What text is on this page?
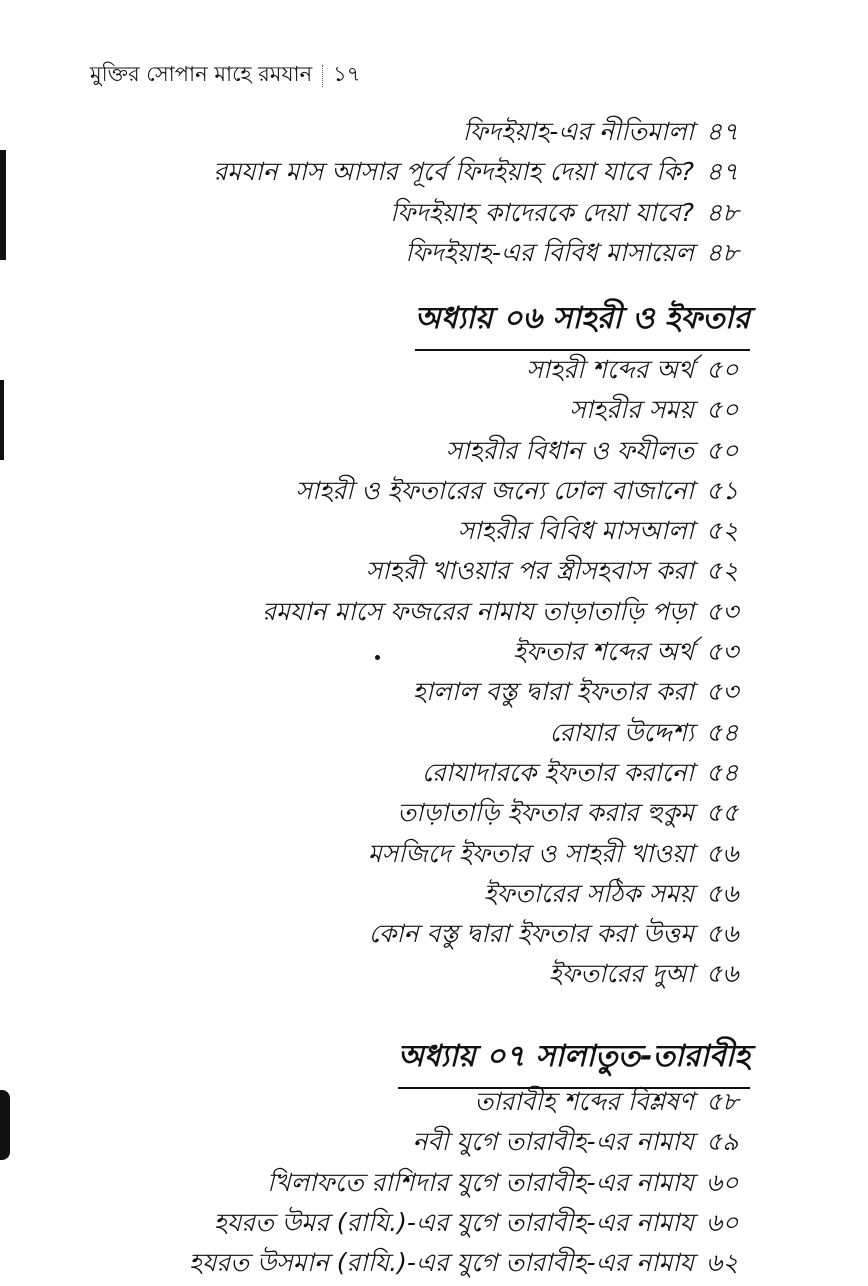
মুক্তির সোপান মাহে রমযান ১৭
ফিদইয়াহ-এর নীতিমালা ৪৭
রমযান মাস আসার পূর্বে ফিদইয়াহ দেয়া যাবে কি? ৪৭
ফিদইয়াহ কাদেরকে দেয়া যাবে? ৪৮
ফিদইয়াহ-এর বিবিধ মাসায়েল ৪৮
অধ্যায় ০৬ সাহরী ও ইফতার
সাহরী শব্দের অর্থ ৫০
সাহরীর সময় ৫০
সাহরীর বিধান ও ফযীলত ৫০
সাহরী ও ইফতারের জন্যে ঢোল বাজানো ৫১
সাহরীর বিবিধ মাসআলা ৫২
সাহরী খাওয়ার পর স্ত্রীসহবাস করা ৫২
রমযান মাসে ফজরের নামায তাড়াতাড়ি পড়া ৫৩
ইফতার শব্দের অর্থ ৫৩
হালাল বস্তু দ্বারা ইফতার করা ৫৩
রোযার উদ্দেশ্য ৫৪
রোযাদারকে ইফতার করানো ৫৪
তাড়াতাড়ি ইফতার করার হুকুম ৫৫
মসজিদে ইফতার ও সাহরী খাওয়া ৫৬
ইফতারের সঠিক সময় ৫৬
কোন বস্তু দ্বারা ইফতার করা উত্তম ৫৬
ইফতারের দুআ ৫৬
অধ্যায় ০৭ সালাতুত-তারাবীহ
তারাবীহ শব্দের বিশ্লষণ ৫৮
নবী যুগে তারাবীহ-এর নামায ৫৯
খিলাফতে রাশিদার যুগে তারাবীহ-এর নামায ৬০
হযরত উমর (রাযি.)-এর যুগে তারাবীহ-এর নামায ৬০
হযরত উসমান (রাযি.)-এর যুগে তারাবীহ-এর নামায ৬২
